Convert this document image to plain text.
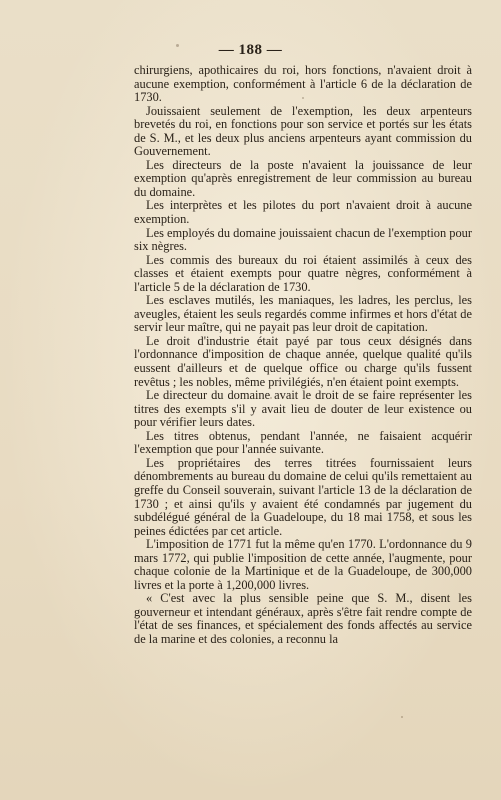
— 188 —

chirurgiens, apothicaires du roi, hors fonctions, n'avaient droit à aucune exemption, conformément à l'article 6 de la déclaration de 1730.

Jouissaient seulement de l'exemption, les deux arpenteurs brevetés du roi, en fonctions pour son service et portés sur les états de S. M., et les deux plus anciens arpenteurs ayant commission du Gouvernement.

Les directeurs de la poste n'avaient la jouissance de leur exemption qu'après enregistrement de leur commission au bureau du domaine.

Les interprètes et les pilotes du port n'avaient droit à aucune exemption.

Les employés du domaine jouissaient chacun de l'exemption pour six nègres.

Les commis des bureaux du roi étaient assimilés à ceux des classes et étaient exempts pour quatre nègres, conformément à l'article 5 de la déclaration de 1730.

Les esclaves mutilés, les maniaques, les ladres, les perclus, les aveugles, étaient les seuls regardés comme infirmes et hors d'état de servir leur maître, qui ne payait pas leur droit de capitation.

Le droit d'industrie était payé par tous ceux désignés dans l'ordonnance d'imposition de chaque année, quelque qualité qu'ils eussent d'ailleurs et de quelque office ou charge qu'ils fussent revêtus ; les nobles, même privilégiés, n'en étaient point exempts.

Le directeur du domaine avait le droit de se faire représenter les titres des exempts s'il y avait lieu de douter de leur existence ou pour vérifier leurs dates.

Les titres obtenus, pendant l'année, ne faisaient acquérir l'exemption que pour l'année suivante.

Les propriétaires des terres titrées fournissaient leurs dénombrements au bureau du domaine de celui qu'ils remettaient au greffe du Conseil souverain, suivant l'article 13 de la déclaration de 1730 ; et ainsi qu'ils y avaient été condamnés par jugement du subdélégué général de la Guadeloupe, du 18 mai 1758, et sous les peines édictées par cet article.

L'imposition de 1771 fut la même qu'en 1770. L'ordonnance du 9 mars 1772, qui publie l'imposition de cette année, l'augmente, pour chaque colonie de la Martinique et de la Guadeloupe, de 300,000 livres et la porte à 1,200,000 livres.

« C'est avec la plus sensible peine que S. M., disent les gouverneur et intendant généraux, après s'être fait rendre compte de l'état de ses finances, et spécialement des fonds affectés au service de la marine et des colonies, a reconnu la
